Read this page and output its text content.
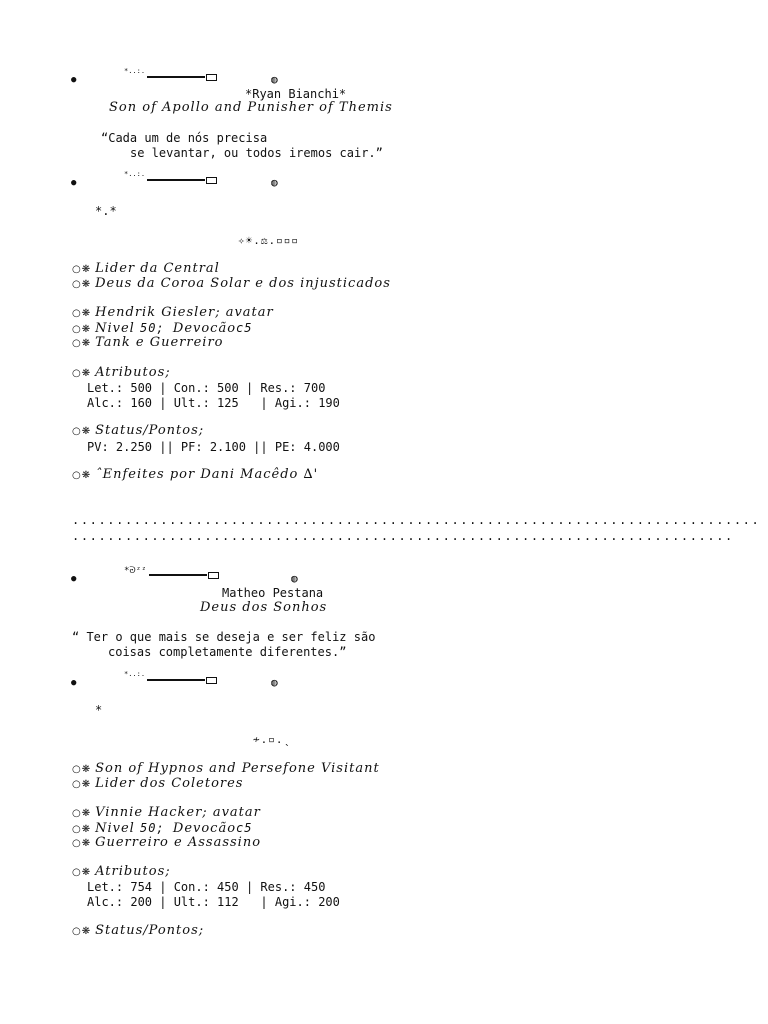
●
*..:.
◍
*Ryan Bianchi*
Son of Apollo and Punisher of Themis
“Cada um de nós precisa
se levantar, ou todos iremos cair.”
●
*..:.
◍
*.*
✧☀︎.⚖.▫▫▫
○❋ Lider da Central
○❋ Deus da Coroa Solar e dos injusticados
○❋ Hendrik Giesler; avatar
○❋ Nivel 50; Devocãoc5
○❋ Tank e Guerreiro
○❋ Atributos;
Let.: 500 | Con.: 500 | Res.: 700
Alc.: 160 | Ult.: 125   | Agi.: 190
○❋ Status/Pontos;
PV: 2.250 || PF: 2.100 || PE: 4.000
○❋ ˆEnfeites por Dani Macêdo ∆'
..............................................................................
...........................................................................
●
*ᘒᶻᶻ
◍
Matheo Pestana
Deus dos Sonhos
“ Ter o que mais se deseja e ser feliz são
coisas completamente diferentes.”
●
*..:.
◍
*
≁.▫.ˎ
○❋ Son of Hypnos and Persefone Visitant
○❋ Lider dos Coletores
○❋ Vinnie Hacker; avatar
○❋ Nivel 50; Devocãoc5
○❋ Guerreiro e Assassino
○❋ Atributos;
Let.: 754 | Con.: 450 | Res.: 450
Alc.: 200 | Ult.: 112   | Agi.: 200
○❋ Status/Pontos;
